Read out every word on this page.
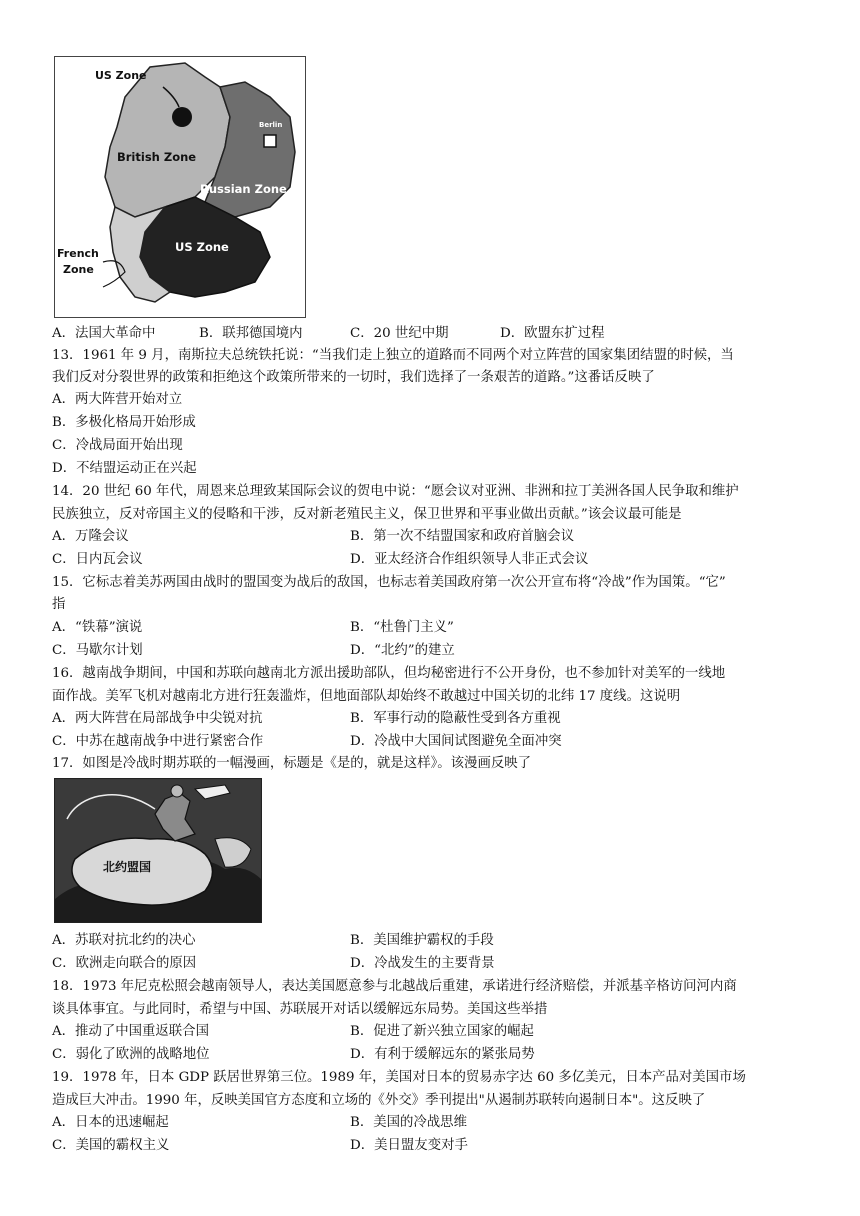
US Zone
British Zone
Berlin
Russian Zone
US Zone
French
Zone
A．法国大革命中	B．联邦德国境内	C．20 世纪中期	D．欧盟东扩过程
13．1961 年 9 月，南斯拉夫总统铁托说：“当我们走上独立的道路而不同两个对立阵营的国家集团结盟的时候，当
我们反对分裂世界的政策和拒绝这个政策所带来的一切时，我们选择了一条艰苦的道路。”这番话反映了
A．两大阵营开始对立
B．多极化格局开始形成
C．冷战局面开始出现
D．不结盟运动正在兴起
14．20 世纪 60 年代，周恩来总理致某国际会议的贺电中说：“愿会议对亚洲、非洲和拉丁美洲各国人民争取和维护
民族独立，反对帝国主义的侵略和干涉，反对新老殖民主义，保卫世界和平事业做出贡献。”该会议最可能是
A．万隆会议	B．第一次不结盟国家和政府首脑会议
C．日内瓦会议	D．亚太经济合作组织领导人非正式会议
15．它标志着美苏两国由战时的盟国变为战后的敌国，也标志着美国政府第一次公开宣布将“冷战”作为国策。“它”
指
A．“铁幕”演说	B．“杜鲁门主义”
C．马歇尔计划	D．“北约”的建立
16．越南战争期间，中国和苏联向越南北方派出援助部队，但均秘密进行不公开身份，也不参加针对美军的一线地
面作战。美军飞机对越南北方进行狂轰滥炸，但地面部队却始终不敢越过中国关切的北纬 17 度线。这说明
A．两大阵营在局部战争中尖锐对抗	B．军事行动的隐蔽性受到各方重视
C．中苏在越南战争中进行紧密合作	D．冷战中大国间试图避免全面冲突
17．如图是冷战时期苏联的一幅漫画，标题是《是的，就是这样》。该漫画反映了
A．苏联对抗北约的决心	B．美国维护霸权的手段
C．欧洲走向联合的原因	D．冷战发生的主要背景
18．1973 年尼克松照会越南领导人，表达美国愿意参与北越战后重建，承诺进行经济赔偿，并派基辛格访问河内商
谈具体事宜。与此同时，希望与中国、苏联展开对话以缓解远东局势。美国这些举措
A．推动了中国重返联合国	B．促进了新兴独立国家的崛起
C．弱化了欧洲的战略地位	D．有利于缓解远东的紧张局势
19．1978 年，日本 GDP 跃居世界第三位。1989 年，美国对日本的贸易赤字达 60 多亿美元，日本产品对美国市场
造成巨大冲击。1990 年，反映美国官方态度和立场的《外交》季刊提出"从遏制苏联转向遏制日本"。这反映了
A．日本的迅速崛起	B．美国的冷战思维
C．美国的霸权主义	D．美日盟友变对手
北约盟国
